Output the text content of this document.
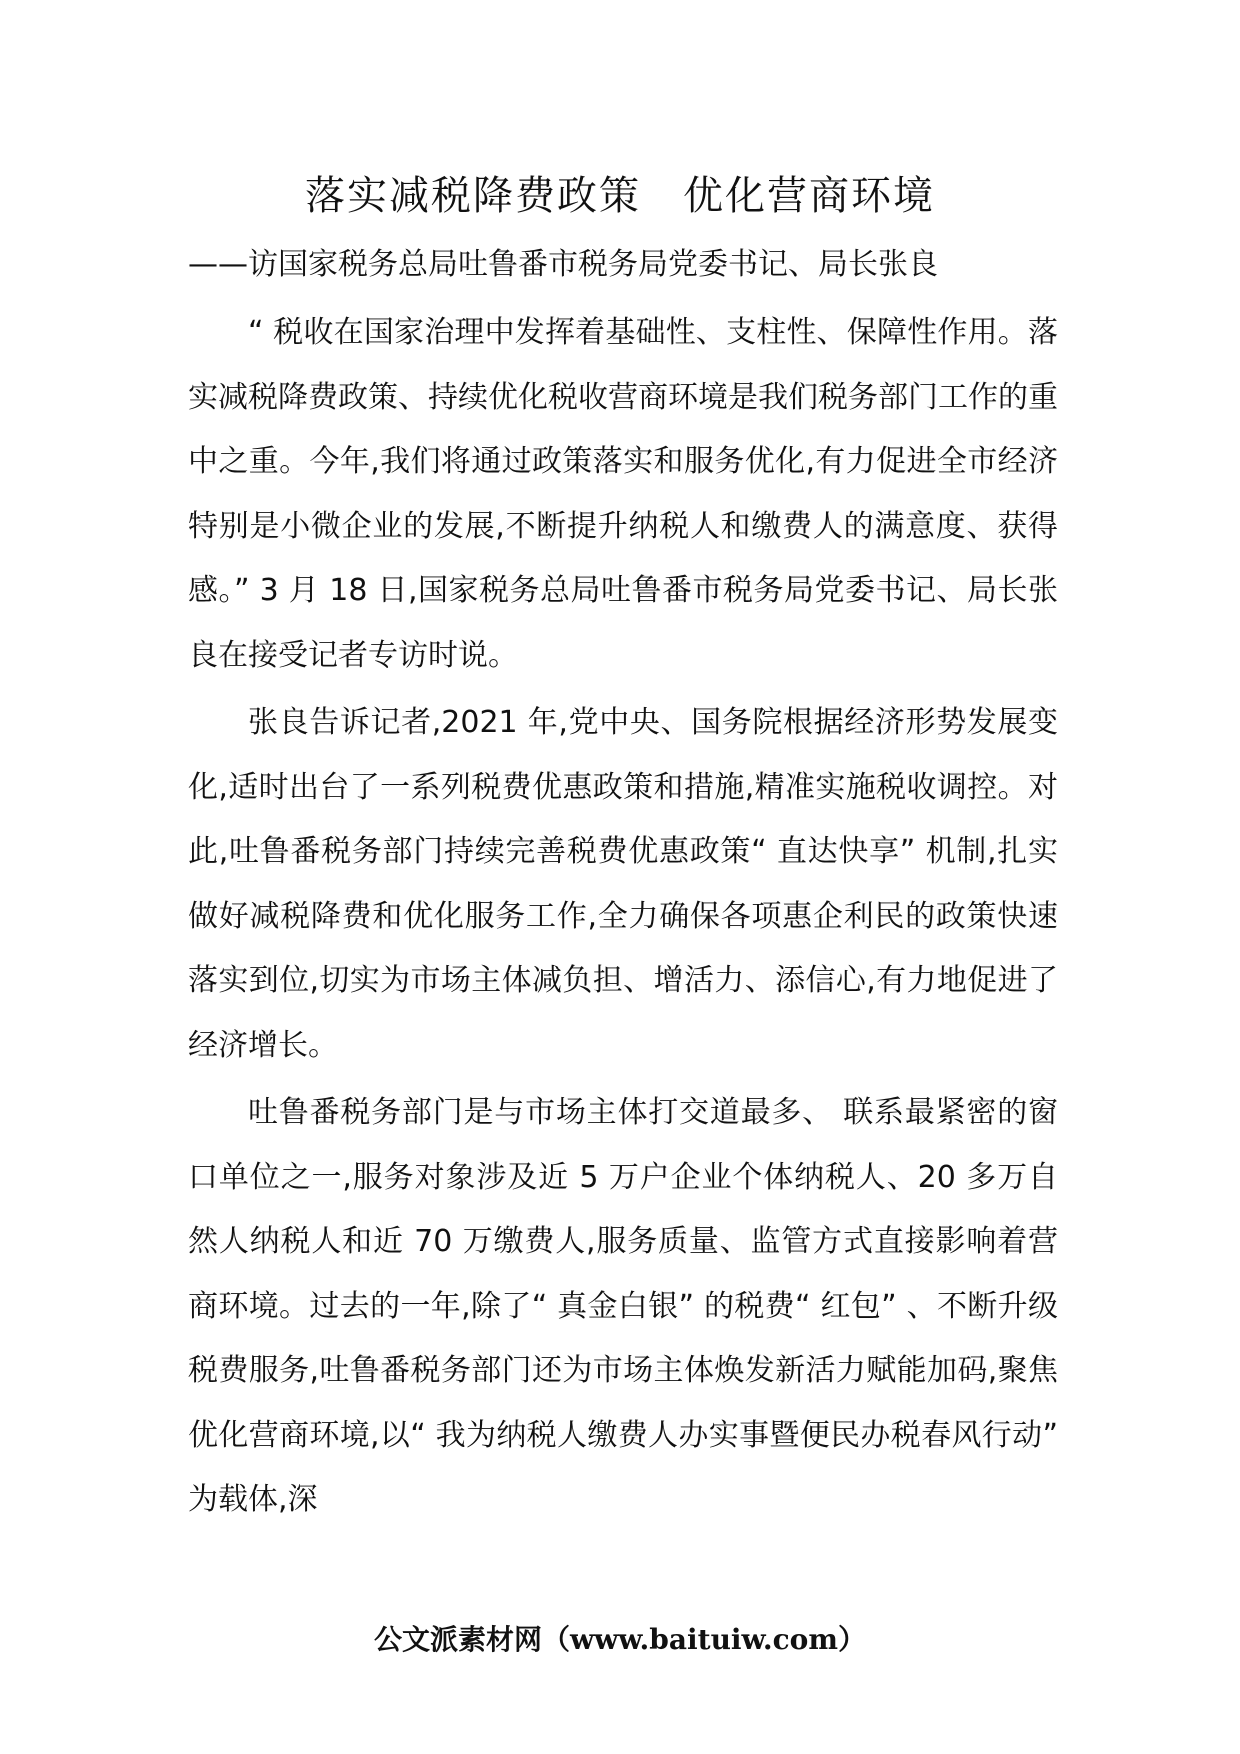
落实减税降费政策　优化营商环境
——访国家税务总局吐鲁番市税务局党委书记、局长张良

“ 税收在国家治理中发挥着基础性、支柱性、保障性作用。落实减税降费政策、持续优化税收营商环境是我们税务部门工作的重中之重。今年,我们将通过政策落实和服务优化,有力促进全市经济特别是小微企业的发展,不断提升纳税人和缴费人的满意度、获得感。” 3 月 18 日,国家税务总局吐鲁番市税务局党委书记、局长张良在接受记者专访时说。

张良告诉记者,2021 年,党中央、国务院根据经济形势发展变化,适时出台了一系列税费优惠政策和措施,精准实施税收调控。对此,吐鲁番税务部门持续完善税费优惠政策“ 直达快享” 机制,扎实做好减税降费和优化服务工作,全力确保各项惠企利民的政策快速落实到位,切实为市场主体减负担、增活力、添信心,有力地促进了经济增长。

吐鲁番税务部门是与市场主体打交道最多、 联系最紧密的窗口单位之一,服务对象涉及近 5 万户企业个体纳税人、20 多万自然人纳税人和近 70 万缴费人,服务质量、监管方式直接影响着营商环境。过去的一年,除了“ 真金白银” 的税费“ 红包” 、不断升级税费服务,吐鲁番税务部门还为市场主体焕发新活力赋能加码,聚焦优化营商环境,以“ 我为纳税人缴费人办实事暨便民办税春风行动” 为载体,深

公文派素材网（www.baituiw.com）
